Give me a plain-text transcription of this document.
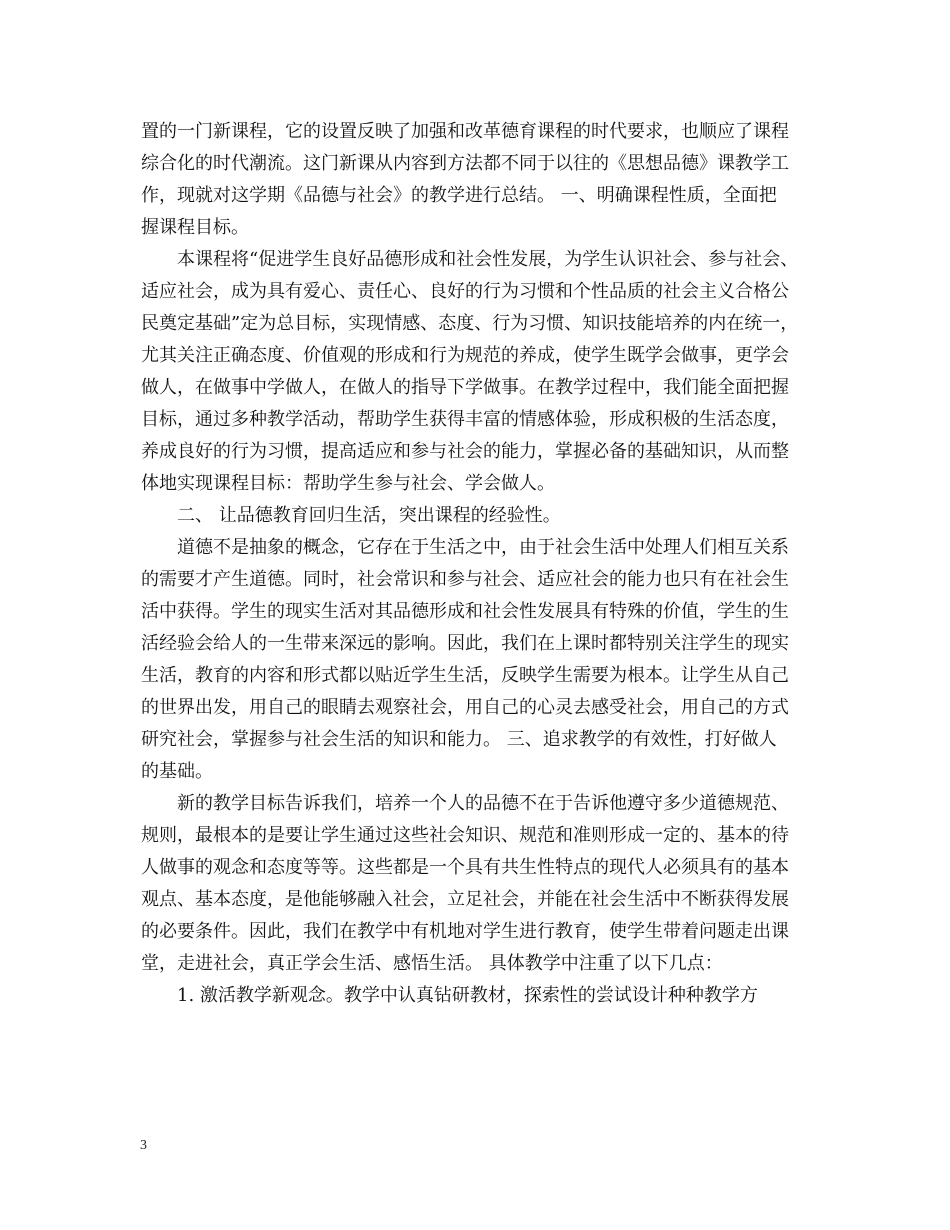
置的一门新课程，它的设置反映了加强和改革德育课程的时代要求，也顺应了课程
综合化的时代潮流。这门新课从内容到方法都不同于以往的《思想品德》课教学工
作，现就对这学期《品德与社会》的教学进行总结。 一、明确课程性质，全面把
握课程目标。
本课程将“促进学生良好品德形成和社会性发展，为学生认识社会、参与社会、
适应社会，成为具有爱心、责任心、良好的行为习惯和个性品质的社会主义合格公
民奠定基础”定为总目标，实现情感、态度、行为习惯、知识技能培养的内在统一，
尤其关注正确态度、价值观的形成和行为规范的养成，使学生既学会做事，更学会
做人，在做事中学做人，在做人的指导下学做事。在教学过程中，我们能全面把握
目标，通过多种教学活动，帮助学生获得丰富的情感体验，形成积极的生活态度，
养成良好的行为习惯，提高适应和参与社会的能力，掌握必备的基础知识，从而整
体地实现课程目标：帮助学生参与社会、学会做人。
二、 让品德教育回归生活，突出课程的经验性。
道德不是抽象的概念，它存在于生活之中，由于社会生活中处理人们相互关系
的需要才产生道德。同时，社会常识和参与社会、适应社会的能力也只有在社会生
活中获得。学生的现实生活对其品德形成和社会性发展具有特殊的价值，学生的生
活经验会给人的一生带来深远的影响。因此，我们在上课时都特别关注学生的现实
生活，教育的内容和形式都以贴近学生生活，反映学生需要为根本。让学生从自己
的世界出发，用自己的眼睛去观察社会，用自己的心灵去感受社会，用自己的方式
研究社会，掌握参与社会生活的知识和能力。 三、追求教学的有效性，打好做人
的基础。
新的教学目标告诉我们，培养一个人的品德不在于告诉他遵守多少道德规范、
规则，最根本的是要让学生通过这些社会知识、规范和准则形成一定的、基本的待
人做事的观念和态度等等。这些都是一个具有共生性特点的现代人必须具有的基本
观点、基本态度，是他能够融入社会，立足社会，并能在社会生活中不断获得发展
的必要条件。因此，我们在教学中有机地对学生进行教育，使学生带着问题走出课
堂，走进社会，真正学会生活、感悟生活。 具体教学中注重了以下几点：
1. 激活教学新观念。教学中认真钻研教材，探索性的尝试设计种种教学方
3
